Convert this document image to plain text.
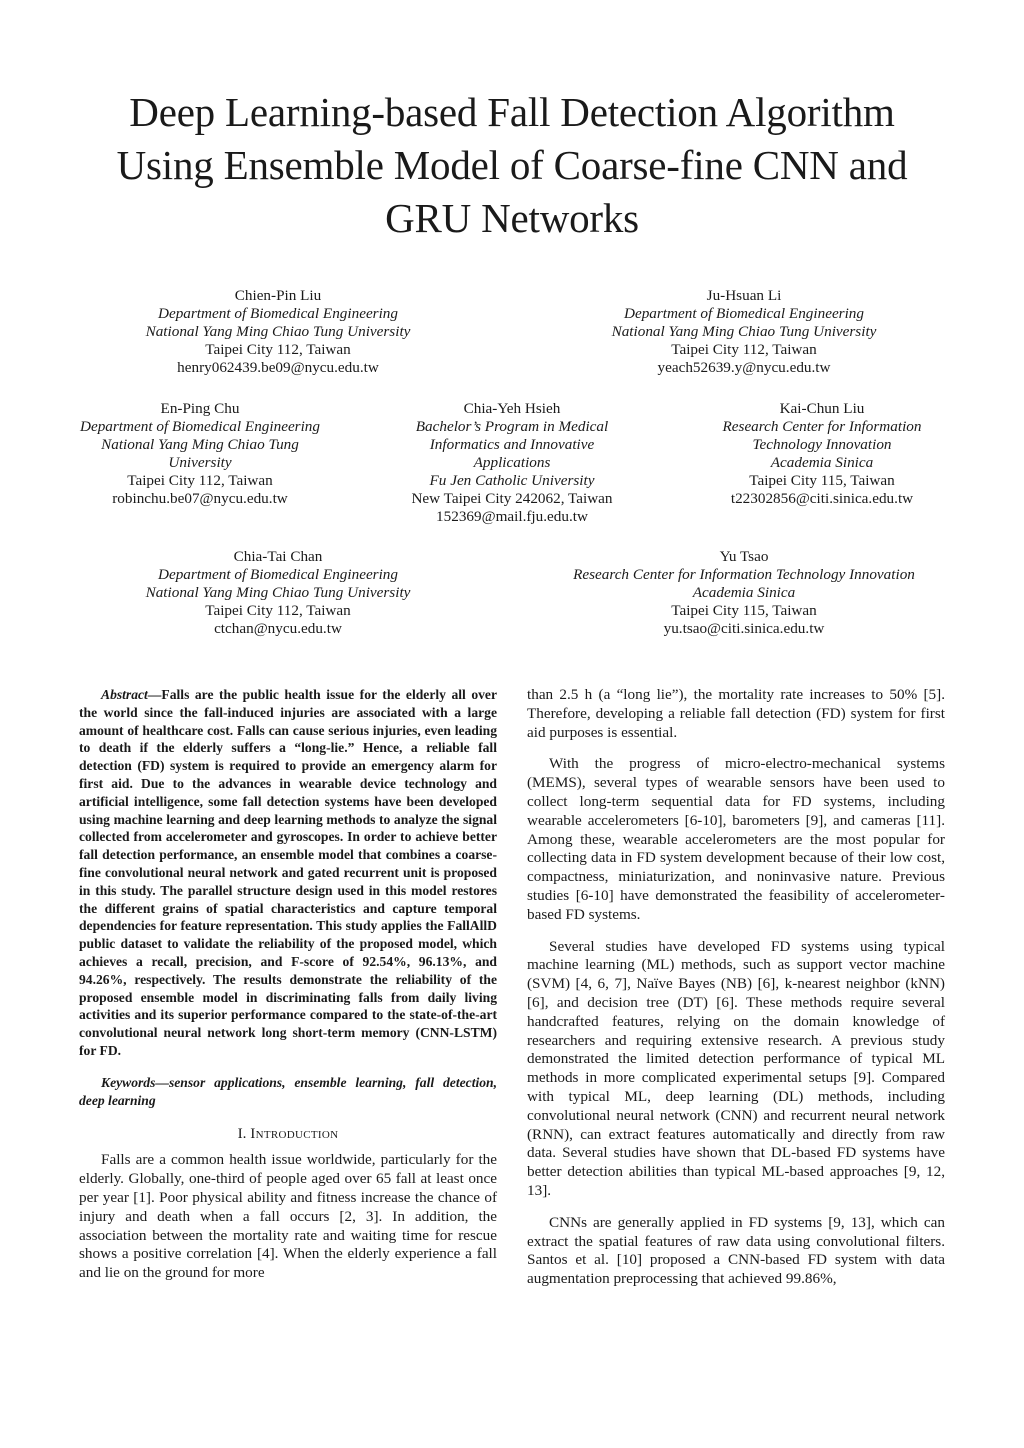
Deep Learning-based Fall Detection Algorithm
Using Ensemble Model of Coarse-fine CNN and
GRU Networks
Chien-Pin Liu
Department of Biomedical Engineering
National Yang Ming Chiao Tung University
Taipei City 112, Taiwan
henry062439.be09@nycu.edu.tw
Ju-Hsuan Li
Department of Biomedical Engineering
National Yang Ming Chiao Tung University
Taipei City 112, Taiwan
yeach52639.y@nycu.edu.tw
En-Ping Chu
Department of Biomedical Engineering
National Yang Ming Chiao Tung
University
Taipei City 112, Taiwan
robinchu.be07@nycu.edu.tw
Chia-Yeh Hsieh
Bachelor’s Program in Medical
Informatics and Innovative
Applications
Fu Jen Catholic University
New Taipei City 242062, Taiwan
152369@mail.fju.edu.tw
Kai-Chun Liu
Research Center for Information
Technology Innovation
Academia Sinica
Taipei City 115, Taiwan
t22302856@citi.sinica.edu.tw
Chia-Tai Chan
Department of Biomedical Engineering
National Yang Ming Chiao Tung University
Taipei City 112, Taiwan
ctchan@nycu.edu.tw
Yu Tsao
Research Center for Information Technology Innovation
Academia Sinica
Taipei City 115, Taiwan
yu.tsao@citi.sinica.edu.tw

Abstract—Falls are the public health issue for the elderly all over the world since the fall-induced injuries are associated with a large amount of healthcare cost. Falls can cause serious injuries, even leading to death if the elderly suffers a “long-lie.” Hence, a reliable fall detection (FD) system is required to provide an emergency alarm for first aid. Due to the advances in wearable device technology and artificial intelligence, some fall detection systems have been developed using machine learning and deep learning methods to analyze the signal collected from accelerometer and gyroscopes. In order to achieve better fall detection performance, an ensemble model that combines a coarse-fine convolutional neural network and gated recurrent unit is proposed in this study. The parallel structure design used in this model restores the different grains of spatial characteristics and capture temporal dependencies for feature representation. This study applies the FallAllD public dataset to validate the reliability of the proposed model, which achieves a recall, precision, and F-score of 92.54%, 96.13%, and 94.26%, respectively. The results demonstrate the reliability of the proposed ensemble model in discriminating falls from daily living activities and its superior performance compared to the state-of-the-art convolutional neural network long short-term memory (CNN-LSTM) for FD.

Keywords—sensor applications, ensemble learning, fall detection, deep learning

I. Introduction

Falls are a common health issue worldwide, particularly for the elderly. Globally, one-third of people aged over 65 fall at least once per year [1]. Poor physical ability and fitness increase the chance of injury and death when a fall occurs [2, 3]. In addition, the association between the mortality rate and waiting time for rescue shows a positive correlation [4]. When the elderly experience a fall and lie on the ground for more

than 2.5 h (a “long lie”), the mortality rate increases to 50% [5]. Therefore, developing a reliable fall detection (FD) system for first aid purposes is essential.

With the progress of micro-electro-mechanical systems (MEMS), several types of wearable sensors have been used to collect long-term sequential data for FD systems, including wearable accelerometers [6-10], barometers [9], and cameras [11]. Among these, wearable accelerometers are the most popular for collecting data in FD system development because of their low cost, compactness, miniaturization, and noninvasive nature. Previous studies [6-10] have demonstrated the feasibility of accelerometer-based FD systems.

Several studies have developed FD systems using typical machine learning (ML) methods, such as support vector machine (SVM) [4, 6, 7], Naïve Bayes (NB) [6], k-nearest neighbor (kNN) [6], and decision tree (DT) [6]. These methods require several handcrafted features, relying on the domain knowledge of researchers and requiring extensive research. A previous study demonstrated the limited detection performance of typical ML methods in more complicated experimental setups [9]. Compared with typical ML, deep learning (DL) methods, including convolutional neural network (CNN) and recurrent neural network (RNN), can extract features automatically and directly from raw data. Several studies have shown that DL-based FD systems have better detection abilities than typical ML-based approaches [9, 12, 13].

CNNs are generally applied in FD systems [9, 13], which can extract the spatial features of raw data using convolutional filters. Santos et al. [10] proposed a CNN-based FD system with data augmentation preprocessing that achieved 99.86%,
